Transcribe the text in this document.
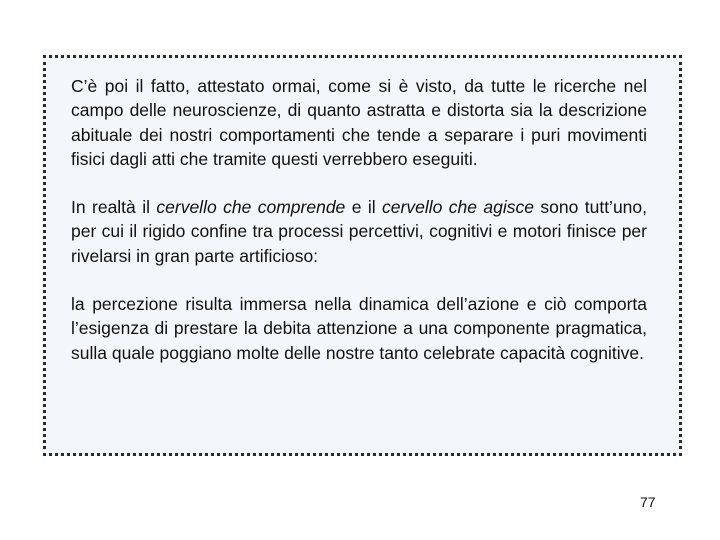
C’è poi il fatto, attestato ormai, come si è visto, da tutte le ricerche nel campo delle neuroscienze, di quanto astratta e distorta sia la descrizione abituale dei nostri comportamenti che tende a separare i puri movimenti fisici dagli atti che tramite questi verrebbero eseguiti.

In realtà il cervello che comprende e il cervello che agisce sono tutt’uno, per cui il rigido confine tra processi percettivi, cognitivi e motori finisce per rivelarsi in gran parte artificioso:

la percezione risulta immersa nella dinamica dell’azione e ciò comporta l’esigenza di prestare la debita attenzione a una componente pragmatica, sulla quale poggiano molte delle nostre tanto celebrate capacità cognitive.

77
